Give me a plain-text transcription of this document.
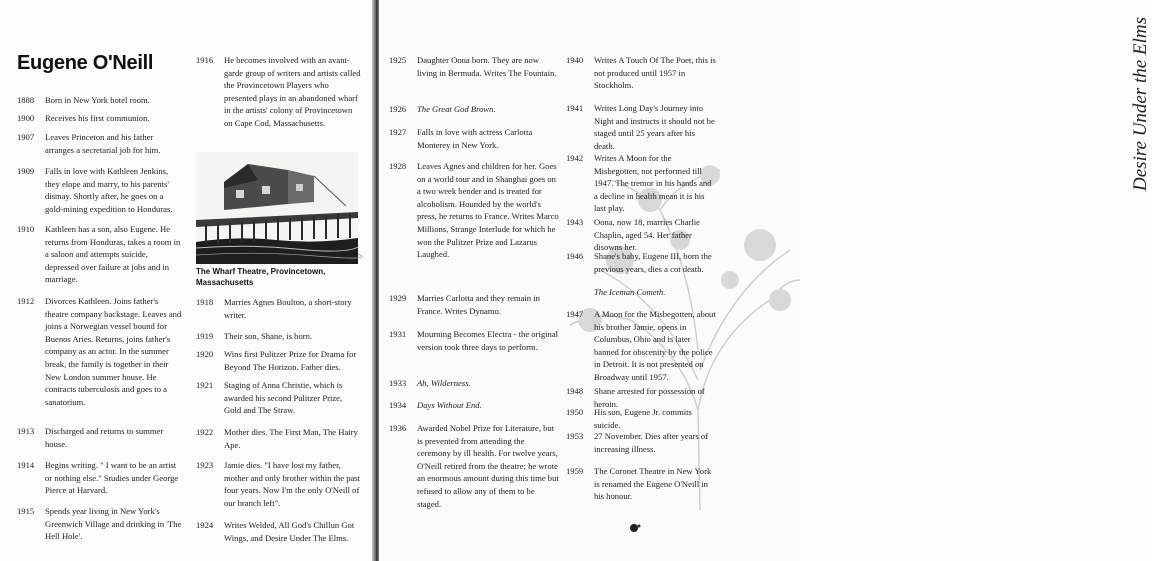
Eugene O'Neill
1888	Born in New York hotel room.
1900	Receives his first communion.
1907	Leaves Princeton and his father arranges a secretarial job for him.
1909	Falls in love with Kathleen Jenkins, they elope and marry, to his parents' dismay. Shortly after, he goes on a gold-mining expedition to Honduras.
1910	Kathleen has a son, also Eugene. He returns from Honduras, takes a room in a saloon and attempts suicide, depressed over failure at jobs and in marriage.
1912	Divorces Kathleen. Joins father's theatre company backstage. Leaves and joins a Norwegian vessel bound for Buenos Aries. Returns, joins father's company as an actor. In the summer break, the family is together in their New London summer house. He contracts tuberculosis and goes to a sanatorium.
1913	Discharged and returns to summer house.
1914	Begins writing. " I want to be an artist or nothing else." Studies under George Pierce at Harvard.
1915	Spends year living in New York's Greenwich Village and drinking in 'The Hell Hole'.
1916	He becomes involved with an avant-garde group of writers and artists called the Provincetown Players who presented plays in an abandoned wharf in the artists' colony of Provincetown on Cape Cod, Massachusetts.
The Wharf Theatre, Provincetown, Massachusetts
1918	Marries Agnes Boulton, a short-story writer.
1919	Their son, Shane, is born.
1920	Wins first Pulitzer Prize for Drama for Beyond The Horizon. Father dies.
1921	Staging of Anna Christie, which is awarded his second Pulitzer Prize, Gold and The Straw.
1922	Mother dies. The First Man, The Hairy Ape.
1923	Jamie dies. "I have lost my father, mother and only brother within the past four years. Now I'm the only O'Neill of our branch left".
1924	Writes Welded, All God's Chillun Got Wings, and Desire Under The Elms.
Desire Under the Elms
1925	Daughter Oona born. They are now living in Bermuda. Writes The Fountain.
1926	The Great God Brown.
1927	Falls in love with actress Carlotta Monterey in New York.
1928	Leaves Agnes and children for her. Goes on a world tour and in Shanghai goes on a two week bender and is treated for alcoholism. Hounded by the world's press, he returns to France. Writes Marco Millions, Strange Interlude for which he won the Pulitzer Prize and Lazarus Laughed.
1929	Marries Carlotta and they remain in France. Writes Dynamo.
1931	Mourning Becomes Electra - the original version took three days to perform.
1933	Ah, Wilderness.
1934	Days Without End.
1936	Awarded Nobel Prize for Literature, but is prevented from attending the ceremony by ill health. For twelve years, O'Neill retired from the theatre; he wrote an enormous amount during this time but refused to allow any of them to be staged.
1940	Writes A Touch Of The Poet, this is not produced until 1957 in Stockholm.
1941	Writes Long Day's Journey into Night and instructs it should not be staged until 25 years after his death.
1942	Writes A Moon for the Misbegotten, not performed till 1947. The tremor in his hands and a decline in health mean it is his last play.
1943	Oona, now 18, marries Charlie Chaplin, aged 54. Her father disowns her.
1946	Shane's baby, Eugene III, born the previous years, dies a cot death.
The Iceman Cometh.
1947	A Moon for the Misbegotten, about his brother Jamie, opens in Columbus, Ohio and is later banned for obscenity by the police in Detroit. It is not presented on Broadway until 1957.
1948	Shane arrested for possession of heroin.
1950	His son, Eugene Jr. commits suicide.
1953	27 November. Dies after years of increasing illness.
1959	The Coronet Theatre in New York is renamed the Eugene O'Neill in his honour.
